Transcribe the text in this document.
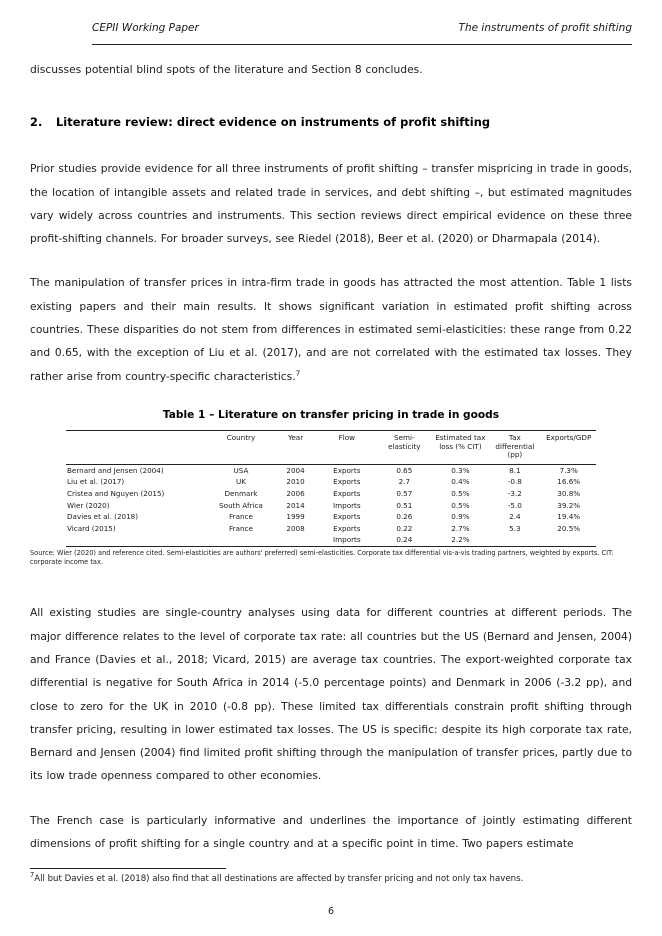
CEPII Working Paper	The instruments of profit shifting

discusses potential blind spots of the literature and Section 8 concludes.

2. Literature review: direct evidence on instruments of profit shifting

Prior studies provide evidence for all three instruments of profit shifting – transfer mispricing in trade in goods, the location of intangible assets and related trade in services, and debt shifting –, but estimated magnitudes vary widely across countries and instruments. This section reviews direct empirical evidence on these three profit-shifting channels. For broader surveys, see Riedel (2018), Beer et al. (2020) or Dharmapala (2014).

The manipulation of transfer prices in intra-firm trade in goods has attracted the most attention. Table 1 lists existing papers and their main results. It shows significant variation in estimated profit shifting across countries. These disparities do not stem from differences in estimated semi-elasticities: these range from 0.22 and 0.65, with the exception of Liu et al. (2017), and are not correlated with the estimated tax losses. They rather arise from country-specific characteristics.$^7$

Table 1 – Literature on transfer pricing in trade in goods
	Country	Year	Flow	Semi-elasticity	Estimated tax loss (% CIT)	Tax differential (pp)	Exports/GDP
Bernard and Jensen (2004)	USA	2004	Exports	0.65	0.3%	8.1	7.3%
Liu et al. (2017)	UK	2010	Exports	2.7	0.4%	-0.8	16.6%
Cristea and Nguyen (2015)	Denmark	2006	Exports	0.57	0.5%	-3.2	30.8%
Wier (2020)	South Africa	2014	Imports	0.51	0.5%	-5.0	39.2%
Davies et al. (2018)	France	1999	Exports	0.26	0.9%	2.4	19.4%
Vicard (2015)	France	2008	Exports	0.22	2.7%	5.3	20.5%
			Imports	0.24	2.2%		
Source: Wier (2020) and reference cited. Semi-elasticities are authors' preferred) semi-elasticities. Corporate tax differential vis-a-vis trading partners, weighted by exports. CIT: corporate income tax.

All existing studies are single-country analyses using data for different countries at different periods. The major difference relates to the level of corporate tax rate: all countries but the US (Bernard and Jensen, 2004) and France (Davies et al., 2018; Vicard, 2015) are average tax countries. The export-weighted corporate tax differential is negative for South Africa in 2014 (-5.0 percentage points) and Denmark in 2006 (-3.2 pp), and close to zero for the UK in 2010 (-0.8 pp). These limited tax differentials constrain profit shifting through transfer pricing, resulting in lower estimated tax losses. The US is specific: despite its high corporate tax rate, Bernard and Jensen (2004) find limited profit shifting through the manipulation of transfer prices, partly due to its low trade openness compared to other economies.

The French case is particularly informative and underlines the importance of jointly estimating different dimensions of profit shifting for a single country and at a specific point in time. Two papers estimate

$^7$All but Davies et al. (2018) also find that all destinations are affected by transfer pricing and not only tax havens.
6
